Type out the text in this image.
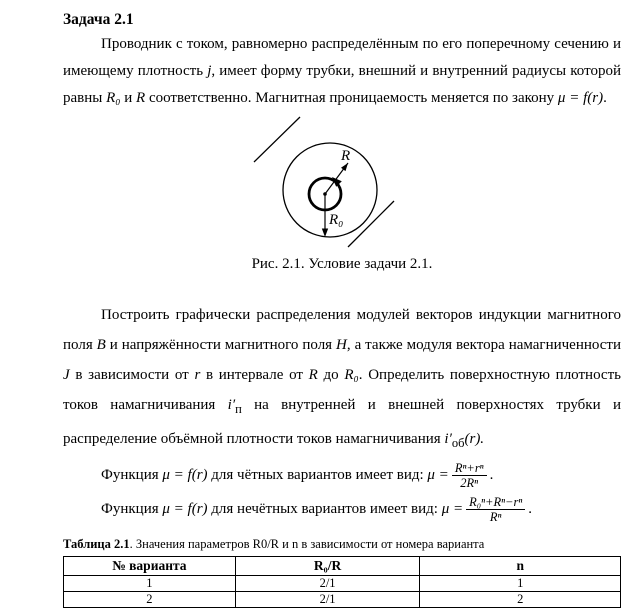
Задача 2.1

Проводник с током, равномерно распределённым по его поперечному сечению и имеющему плотность j, имеет форму трубки, внешний и внутренний радиусы которой равны R₀ и R соответственно. Магнитная проницаемость меняется по закону μ = f(r).

R
R₀

Рис. 2.1. Условие задачи 2.1.

Построить графически распределения модулей векторов индукции магнитного поля B и напряжённости магнитного поля H, а также модуля вектора намагниченности J в зависимости от r в интервале от R до R₀. Определить поверхностную плотность токов намагничивания $i'_п$ на внутренней и внешней поверхностях трубки и распределение объёмной плотности токов намагничивания $i'_{об}(r)$.

Функция μ = f(r) для чётных вариантов имеет вид: $\mu = \frac{\text{Rⁿ+rⁿ}}{\text{2Rⁿ}}$ .

Функция μ = f(r) для нечётных вариантов имеет вид: $\mu = \frac{\text{R₀ⁿ+Rⁿ−rⁿ}}{\text{Rⁿ}}$ .

Таблица 2.1. Значения параметров R0/R и n в зависимости от номера варианта

№ варианта	R₀/R	n
1	2/1	1
2	2/1	2
